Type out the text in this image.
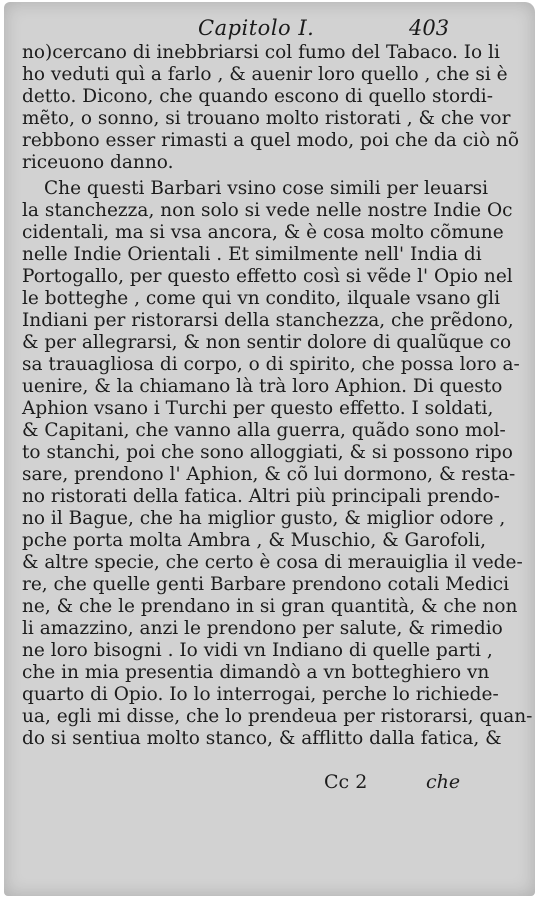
Capitolo I.	403
no)cercano di inebbriarsi col fumo del Tabaco. Io li
ho veduti quì a farlo , & auenir loro quello , che si è
detto. Dicono, che quando escono di quello stordi-
mẽto, o sonno, si trouano molto ristorati , & che vor
rebbono esser rimasti a quel modo, poi che da ciò nõ
riceuono danno.
Che questi Barbari vsino cose simili per leuarsi
la stanchezza, non solo si vede nelle nostre Indie Oc
cidentali, ma si vsa ancora, & è cosa molto cõmune
nelle Indie Orientali . Et similmente nell' India di
Portogallo, per questo effetto così si vẽde l' Opio nel
le botteghe , come qui vn condito, ilquale vsano gli
Indiani per ristorarsi della stanchezza, che prẽdono,
& per allegrarsi, & non sentir dolore di qualũque co
sa trauagliosa di corpo, o di spirito, che possa loro a-
uenire, & la chiamano là trà loro Aphion. Di questo
Aphion vsano i Turchi per questo effetto. I soldati,
& Capitani, che vanno alla guerra, quãdo sono mol-
to stanchi, poi che sono alloggiati, & si possono ripo
sare, prendono l' Aphion, & cõ lui dormono, & resta-
no ristorati della fatica. Altri più principali prendo-
no il Bague, che ha miglior gusto, & miglior odore ,
pche porta molta Ambra , & Muschio, & Garofoli,
& altre specie, che certo è cosa di merauiglia il vede-
re, che quelle genti Barbare prendono cotali Medici
ne, & che le prendano in si gran quantità, & che non
li amazzino, anzi le prendono per salute, & rimedio
ne loro bisogni . Io vidi vn Indiano di quelle parti ,
che in mia presentia dimandò a vn botteghiero vn
quarto di Opio. Io lo interrogai, perche lo richiede-
ua, egli mi disse, che lo prendeua per ristorarsi, quan-
do si sentiua molto stanco, & afflitto dalla fatica, &
Cc 2	che
